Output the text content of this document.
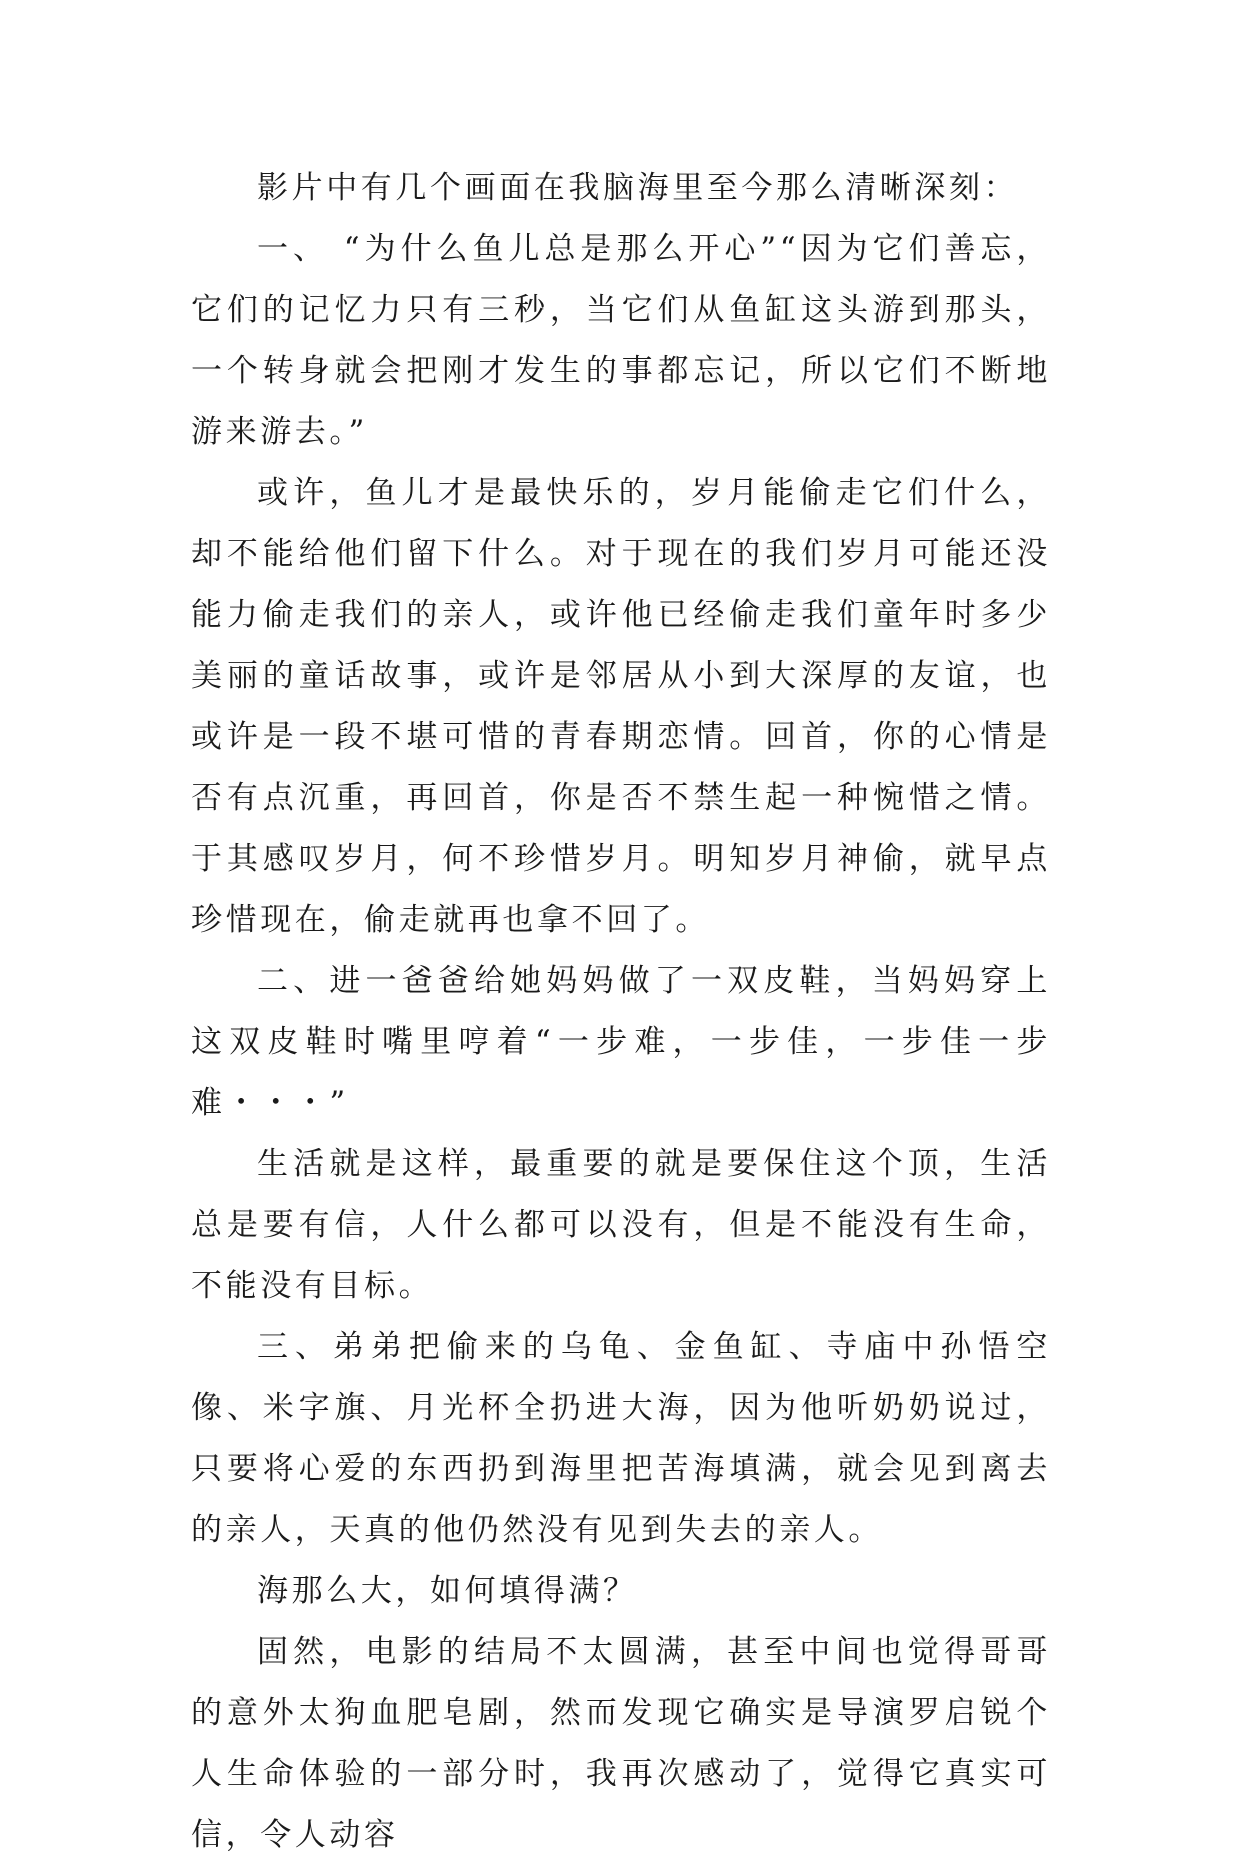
影片中有几个画面在我脑海里至今那么清晰深刻：

一、 “为什么鱼儿总是那么开心”“因为它们善忘，它们的记忆力只有三秒，当它们从鱼缸这头游到那头，一个转身就会把刚才发生的事都忘记，所以它们不断地游来游去。”

或许，鱼儿才是最快乐的，岁月能偷走它们什么，却不能给他们留下什么。对于现在的我们岁月可能还没能力偷走我们的亲人，或许他已经偷走我们童年时多少美丽的童话故事，或许是邻居从小到大深厚的友谊，也或许是一段不堪可惜的青春期恋情。回首，你的心情是否有点沉重，再回首，你是否不禁生起一种惋惜之情。于其感叹岁月，何不珍惜岁月。明知岁月神偷，就早点珍惜现在，偷走就再也拿不回了。

二、进一爸爸给她妈妈做了一双皮鞋，当妈妈穿上这双皮鞋时嘴里哼着“一步难，一步佳，一步佳一步难・・・”

生活就是这样，最重要的就是要保住这个顶，生活总是要有信，人什么都可以没有，但是不能没有生命，不能没有目标。

三、弟弟把偷来的乌龟、金鱼缸、寺庙中孙悟空像、米字旗、月光杯全扔进大海，因为他听奶奶说过，只要将心爱的东西扔到海里把苦海填满，就会见到离去的亲人，天真的他仍然没有见到失去的亲人。

海那么大，如何填得满？

固然，电影的结局不太圆满，甚至中间也觉得哥哥的意外太狗血肥皂剧，然而发现它确实是导演罗启锐个人生命体验的一部分时，我再次感动了，觉得它真实可信，令人动容
